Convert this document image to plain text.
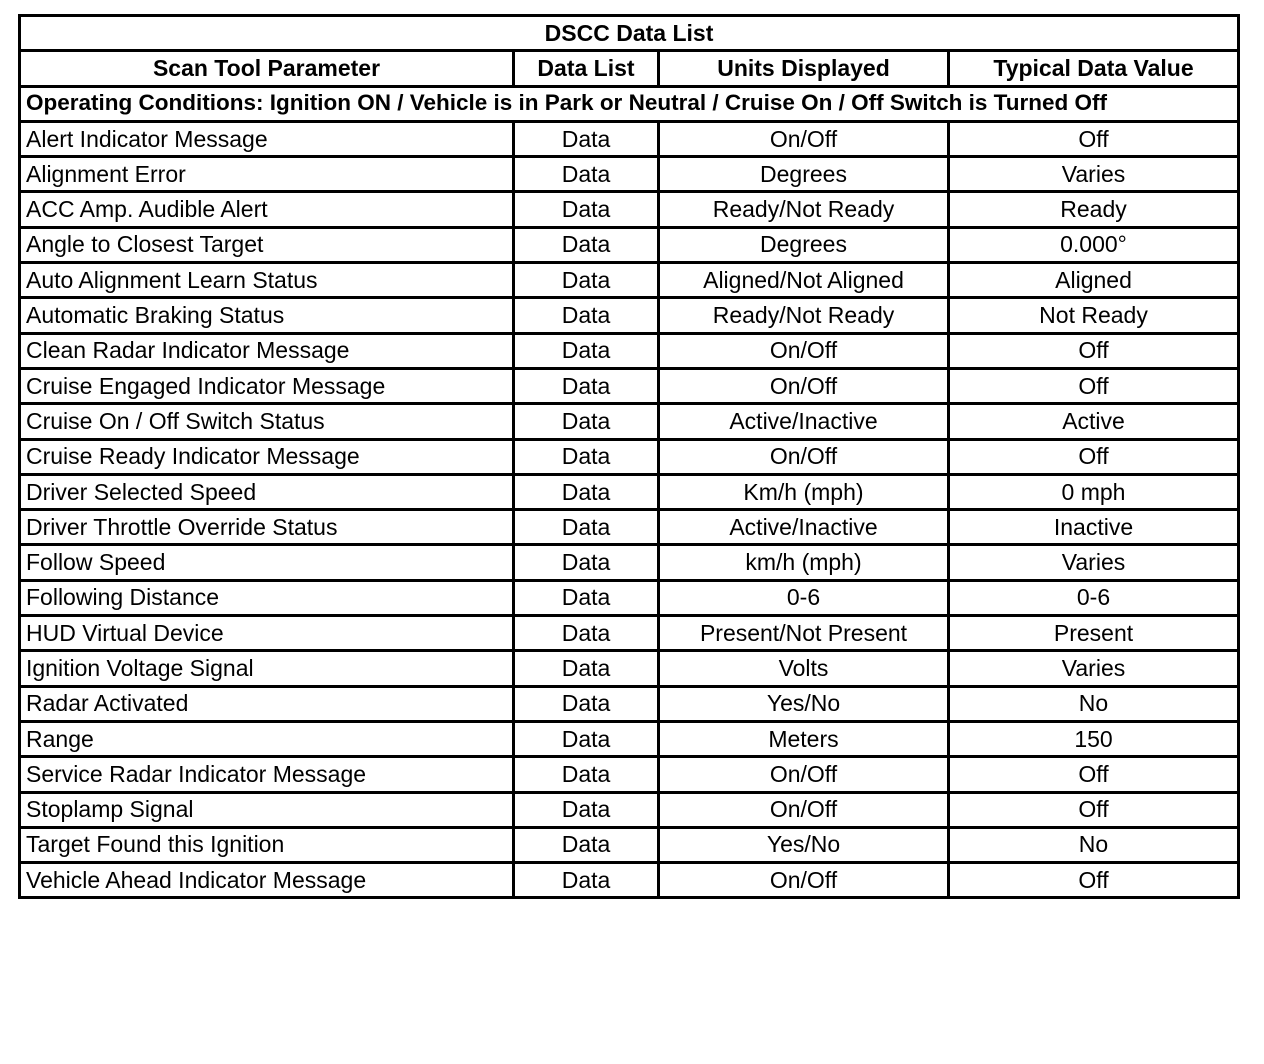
DSCC Data List			
Scan Tool Parameter	Data List	Units Displayed	Typical Data Value
Operating Conditions: Ignition ON / Vehicle is in Park or Neutral / Cruise On / Off Switch is Turned Off			
Alert Indicator Message	Data	On/Off	Off
Alignment Error	Data	Degrees	Varies
ACC Amp. Audible Alert	Data	Ready/Not Ready	Ready
Angle to Closest Target	Data	Degrees	0.000°
Auto Alignment Learn Status	Data	Aligned/Not Aligned	Aligned
Automatic Braking Status	Data	Ready/Not Ready	Not Ready
Clean Radar Indicator Message	Data	On/Off	Off
Cruise Engaged Indicator Message	Data	On/Off	Off
Cruise On / Off Switch Status	Data	Active/Inactive	Active
Cruise Ready Indicator Message	Data	On/Off	Off
Driver Selected Speed	Data	Km/h (mph)	0 mph
Driver Throttle Override Status	Data	Active/Inactive	Inactive
Follow Speed	Data	km/h (mph)	Varies
Following Distance	Data	0-6	0-6
HUD Virtual Device	Data	Present/Not Present	Present
Ignition Voltage Signal	Data	Volts	Varies
Radar Activated	Data	Yes/No	No
Range	Data	Meters	150
Service Radar Indicator Message	Data	On/Off	Off
Stoplamp Signal	Data	On/Off	Off
Target Found this Ignition	Data	Yes/No	No
Vehicle Ahead Indicator Message	Data	On/Off	Off
